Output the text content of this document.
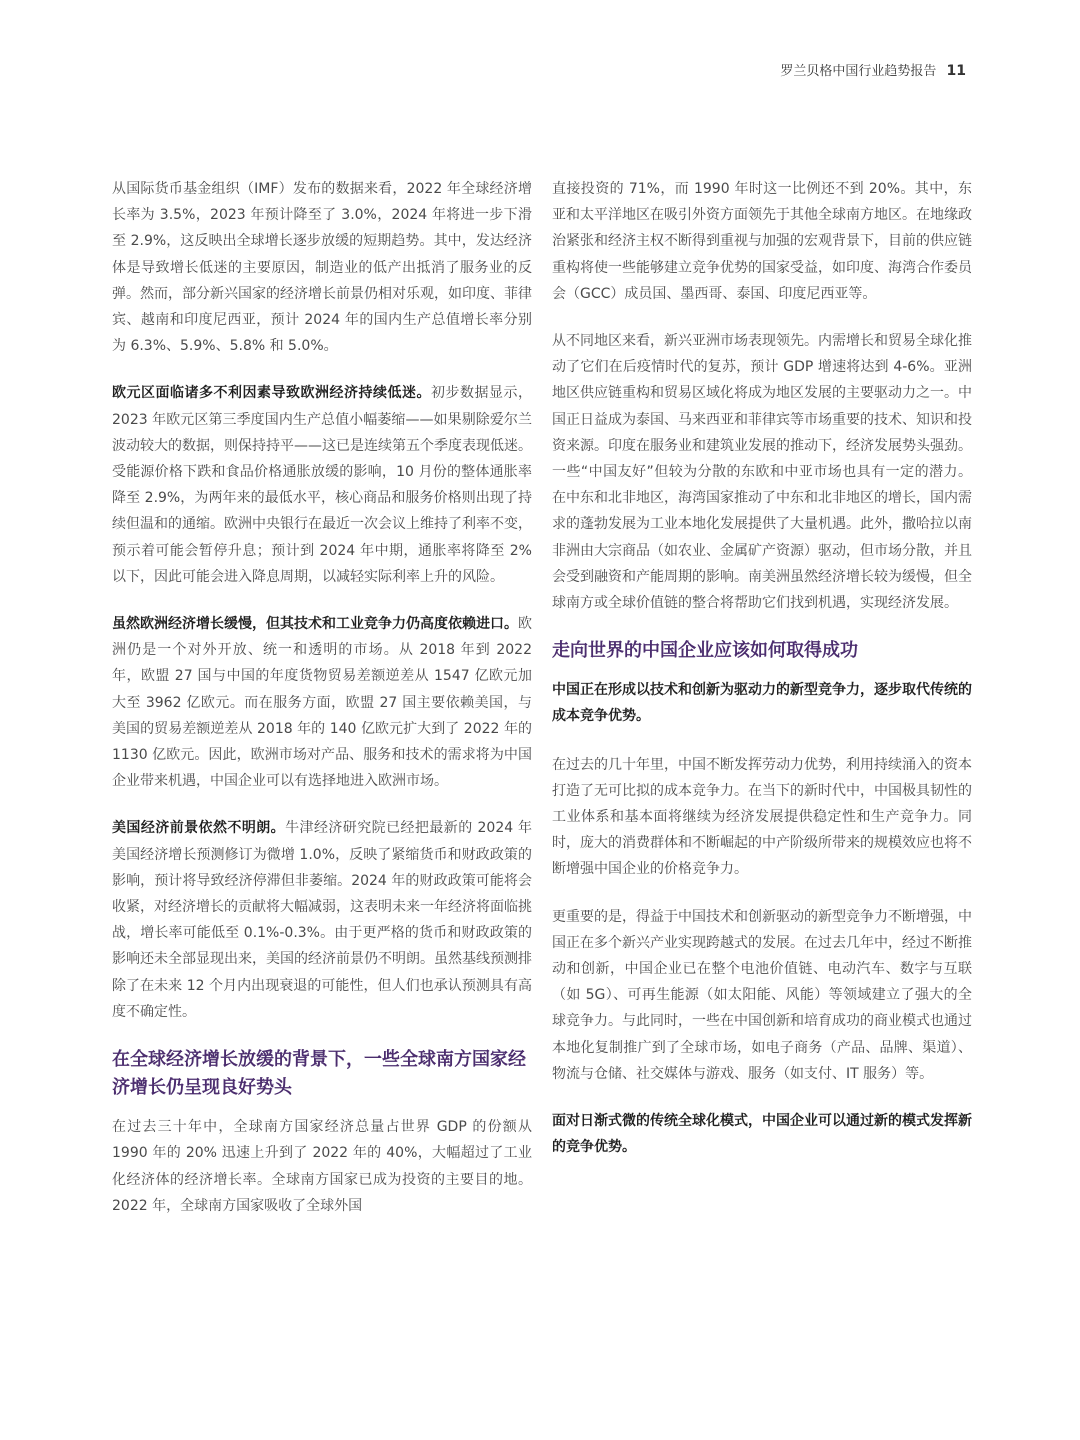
罗兰贝格中国行业趋势报告 11

从国际货币基金组织（IMF）发布的数据来看，2022 年全球经济增长率为 3.5%，2023 年预计降至了 3.0%，2024 年将进一步下滑至 2.9%，这反映出全球增长逐步放缓的短期趋势。其中，发达经济体是导致增长低迷的主要原因，制造业的低产出抵消了服务业的反弹。然而，部分新兴国家的经济增长前景仍相对乐观，如印度、菲律宾、越南和印度尼西亚，预计 2024 年的国内生产总值增长率分别为 6.3%、5.9%、5.8% 和 5.0%。

欧元区面临诸多不利因素导致欧洲经济持续低迷。初步数据显示，2023 年欧元区第三季度国内生产总值小幅萎缩——如果剔除爱尔兰波动较大的数据，则保持持平——这已是连续第五个季度表现低迷。受能源价格下跌和食品价格通胀放缓的影响，10 月份的整体通胀率降至 2.9%，为两年来的最低水平，核心商品和服务价格则出现了持续但温和的通缩。欧洲中央银行在最近一次会议上维持了利率不变，预示着可能会暂停升息；预计到 2024 年中期，通胀率将降至 2% 以下，因此可能会进入降息周期，以减轻实际利率上升的风险。

虽然欧洲经济增长缓慢，但其技术和工业竞争力仍高度依赖进口。欧洲仍是一个对外开放、统一和透明的市场。从 2018 年到 2022 年，欧盟 27 国与中国的年度货物贸易差额逆差从 1547 亿欧元加大至 3962 亿欧元。而在服务方面，欧盟 27 国主要依赖美国，与美国的贸易差额逆差从 2018 年的 140 亿欧元扩大到了 2022 年的 1130 亿欧元。因此，欧洲市场对产品、服务和技术的需求将为中国企业带来机遇，中国企业可以有选择地进入欧洲市场。

美国经济前景依然不明朗。牛津经济研究院已经把最新的 2024 年美国经济增长预测修订为微增 1.0%，反映了紧缩货币和财政政策的影响，预计将导致经济停滞但非萎缩。2024 年的财政政策可能将会收紧，对经济增长的贡献将大幅减弱，这表明未来一年经济将面临挑战，增长率可能低至 0.1%-0.3%。由于更严格的货币和财政政策的影响还未全部显现出来，美国的经济前景仍不明朗。虽然基线预测排除了在未来 12 个月内出现衰退的可能性，但人们也承认预测具有高度不确定性。

在全球经济增长放缓的背景下，一些全球南方国家经济增长仍呈现良好势头

在过去三十年中，全球南方国家经济总量占世界 GDP 的份额从 1990 年的 20% 迅速上升到了 2022 年的 40%，大幅超过了工业化经济体的经济增长率。全球南方国家已成为投资的主要目的地。2022 年，全球南方国家吸收了全球外国

直接投资的 71%，而 1990 年时这一比例还不到 20%。其中，东亚和太平洋地区在吸引外资方面领先于其他全球南方地区。在地缘政治紧张和经济主权不断得到重视与加强的宏观背景下，目前的供应链重构将使一些能够建立竞争优势的国家受益，如印度、海湾合作委员会（GCC）成员国、墨西哥、泰国、印度尼西亚等。

从不同地区来看，新兴亚洲市场表现领先。内需增长和贸易全球化推动了它们在后疫情时代的复苏，预计 GDP 增速将达到 4-6%。亚洲地区供应链重构和贸易区域化将成为地区发展的主要驱动力之一。中国正日益成为泰国、马来西亚和菲律宾等市场重要的技术、知识和投资来源。印度在服务业和建筑业发展的推动下，经济发展势头强劲。一些“中国友好”但较为分散的东欧和中亚市场也具有一定的潜力。在中东和北非地区，海湾国家推动了中东和北非地区的增长，国内需求的蓬勃发展为工业本地化发展提供了大量机遇。此外，撒哈拉以南非洲由大宗商品（如农业、金属矿产资源）驱动，但市场分散，并且会受到融资和产能周期的影响。南美洲虽然经济增长较为缓慢，但全球南方或全球价值链的整合将帮助它们找到机遇，实现经济发展。

走向世界的中国企业应该如何取得成功

中国正在形成以技术和创新为驱动力的新型竞争力，逐步取代传统的成本竞争优势。

在过去的几十年里，中国不断发挥劳动力优势，利用持续涌入的资本打造了无可比拟的成本竞争力。在当下的新时代中，中国极具韧性的工业体系和基本面将继续为经济发展提供稳定性和生产竞争力。同时，庞大的消费群体和不断崛起的中产阶级所带来的规模效应也将不断增强中国企业的价格竞争力。

更重要的是，得益于中国技术和创新驱动的新型竞争力不断增强，中国正在多个新兴产业实现跨越式的发展。在过去几年中，经过不断推动和创新，中国企业已在整个电池价值链、电动汽车、数字与互联（如 5G）、可再生能源（如太阳能、风能）等领域建立了强大的全球竞争力。与此同时，一些在中国创新和培育成功的商业模式也通过本地化复制推广到了全球市场，如电子商务（产品、品牌、渠道）、物流与仓储、社交媒体与游戏、服务（如支付、IT 服务）等。

面对日渐式微的传统全球化模式，中国企业可以通过新的模式发挥新的竞争优势。
